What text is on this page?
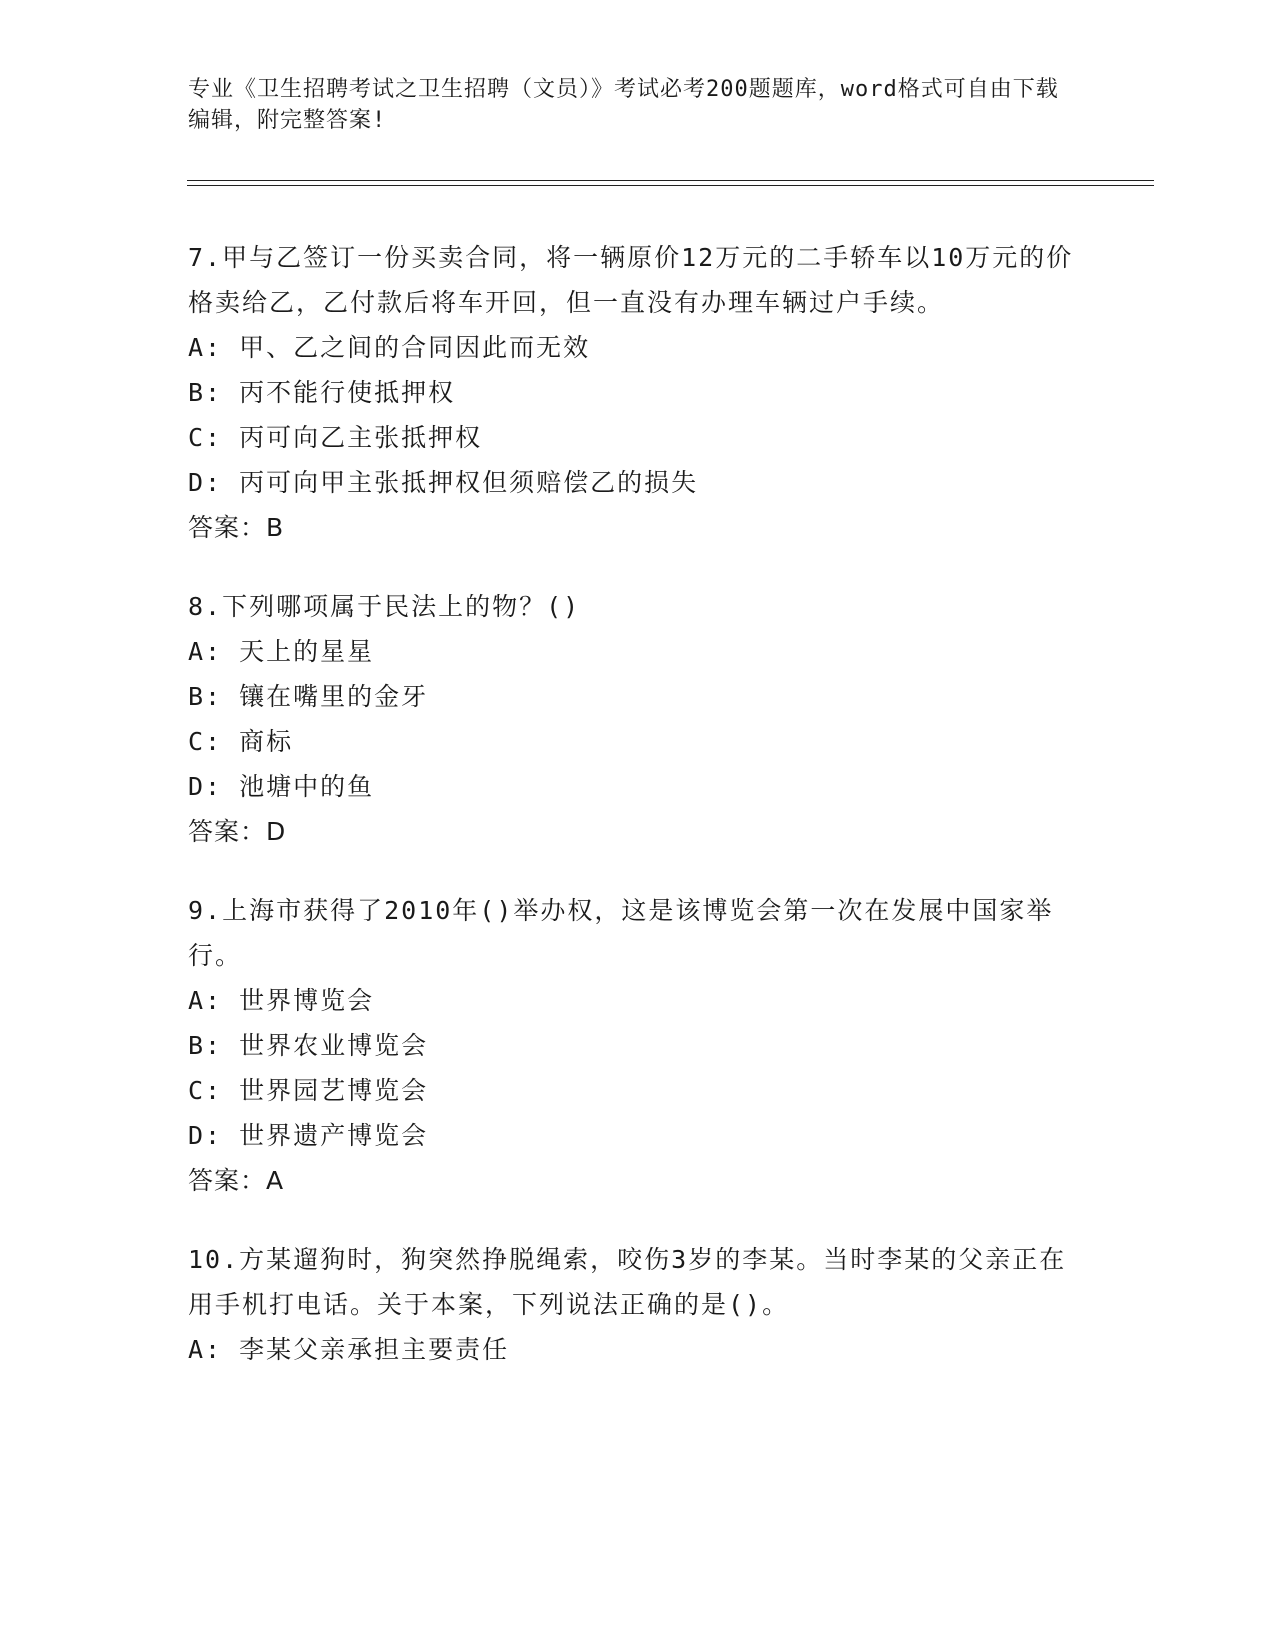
专业《卫生招聘考试之卫生招聘（文员）》考试必考200题题库，word格式可自由下载编辑，附完整答案!

7.甲与乙签订一份买卖合同，将一辆原价12万元的二手轿车以10万元的价格卖给乙，乙付款后将车开回，但一直没有办理车辆过户手续。

A: 甲、乙之间的合同因此而无效

B: 丙不能行使抵押权

C: 丙可向乙主张抵押权

D: 丙可向甲主张抵押权但须赔偿乙的损失

答案：B

8.下列哪项属于民法上的物？()

A: 天上的星星

B: 镶在嘴里的金牙

C: 商标

D: 池塘中的鱼

答案：D

9.上海市获得了2010年()举办权，这是该博览会第一次在发展中国家举行。

A: 世界博览会

B: 世界农业博览会

C: 世界园艺博览会

D: 世界遗产博览会

答案：A

10.方某遛狗时，狗突然挣脱绳索，咬伤3岁的李某。当时李某的父亲正在用手机打电话。关于本案，下列说法正确的是()。

A: 李某父亲承担主要责任
